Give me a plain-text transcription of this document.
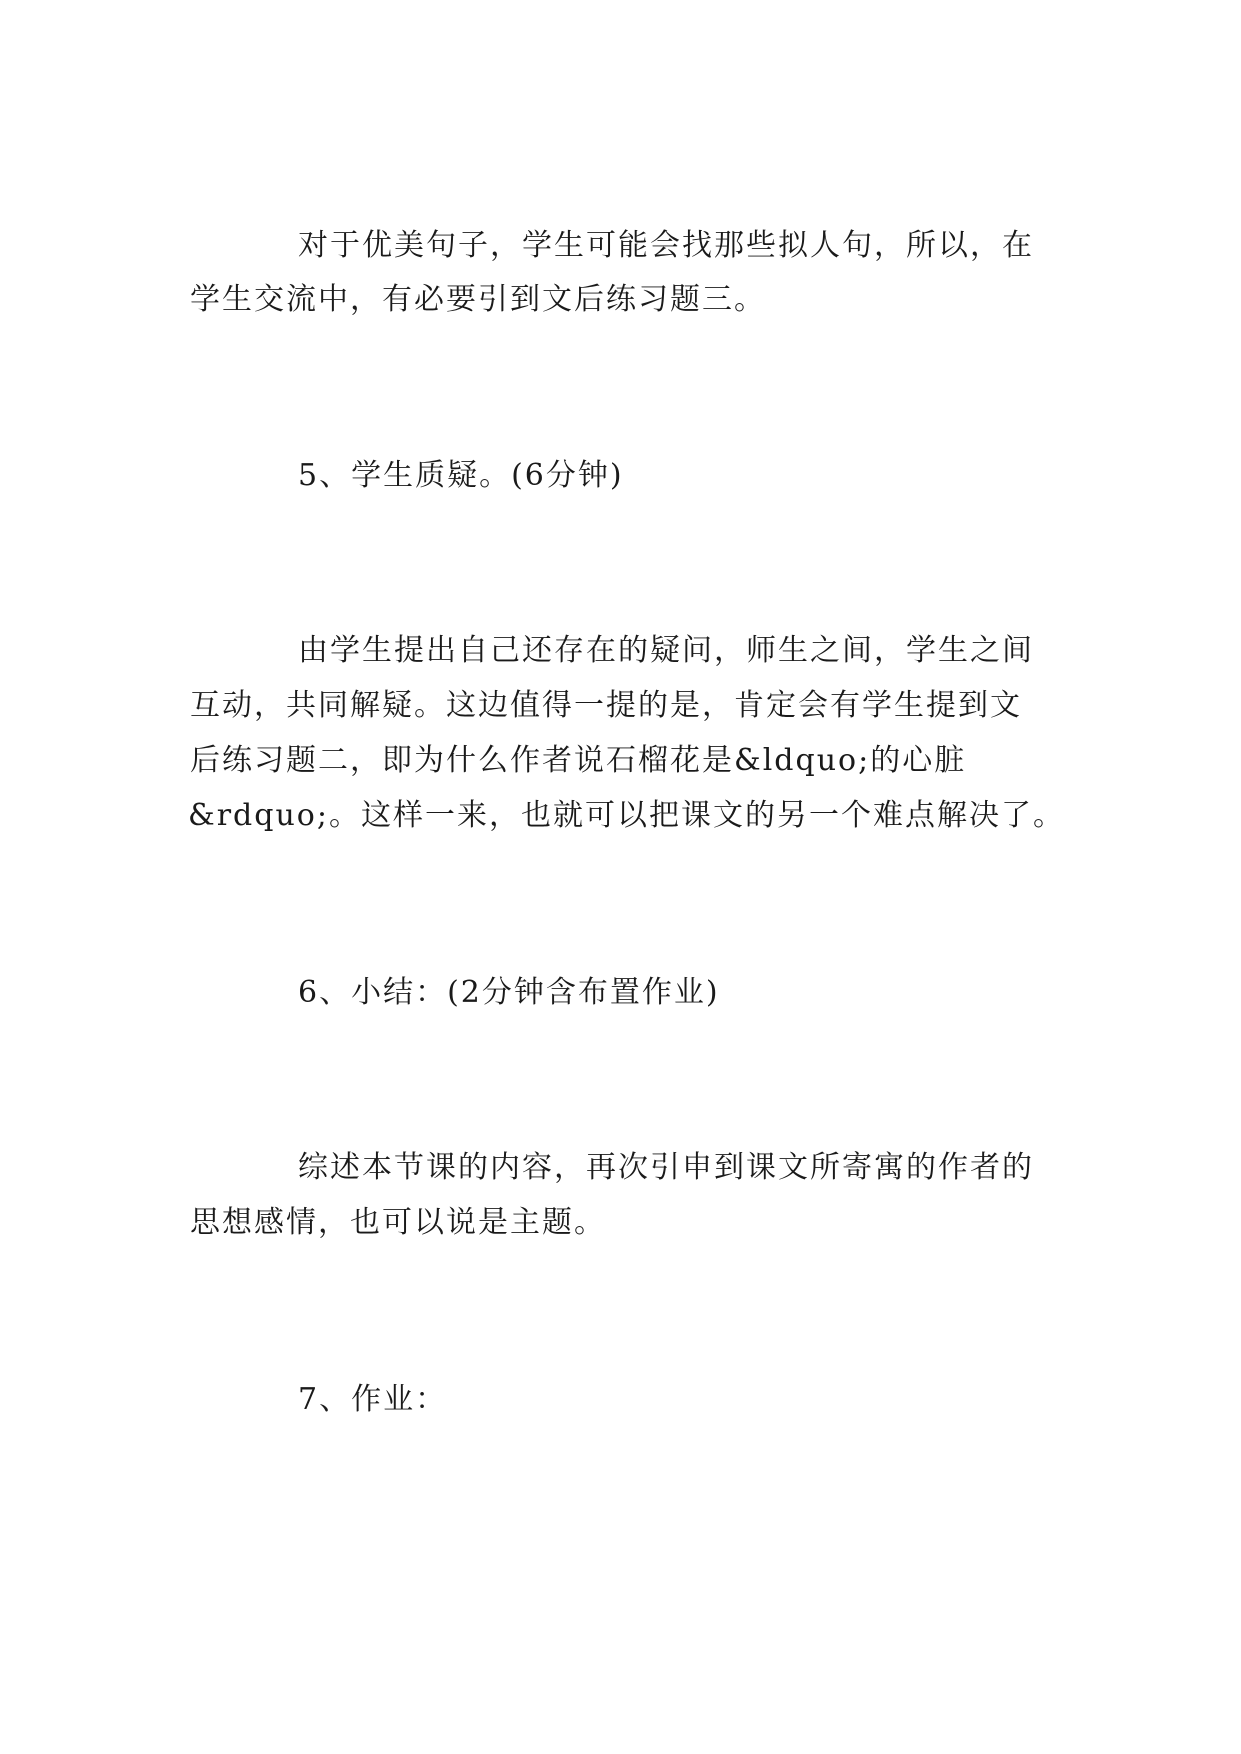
对于优美句子，学生可能会找那些拟人句，所以，在
学生交流中，有必要引到文后练习题三。
5、学生质疑。(6分钟)
由学生提出自己还存在的疑问，师生之间，学生之间
互动，共同解疑。这边值得一提的是，肯定会有学生提到文
后练习题二，即为什么作者说石榴花是&ldquo;的心脏
&rdquo;。这样一来，也就可以把课文的另一个难点解决了。
6、小结：(2分钟含布置作业)
综述本节课的内容，再次引申到课文所寄寓的作者的
思想感情，也可以说是主题。
7、作业：
